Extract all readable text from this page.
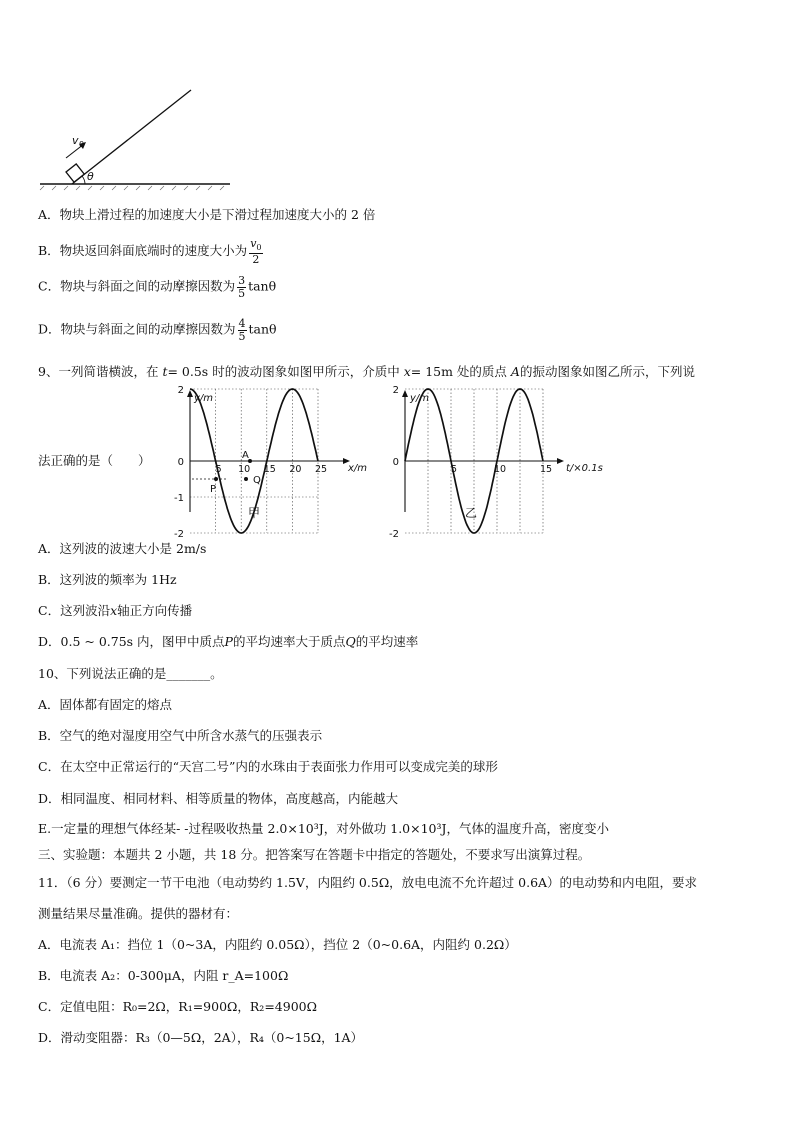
v 0
θ
A．物块上滑过程的加速度大小是下滑过程加速度大小的 2 倍
B．物块返回斜面底端时的速度大小为 $\frac{v_0}{2}$
C．物块与斜面之间的动摩擦因数为 $\frac{3}{5}$ tanθ
D．物块与斜面之间的动摩擦因数为 $\frac{4}{5}$ tanθ
9、一列简谐横波，在 t= 0.5s 时的波动图象如图甲所示，介质中 x= 15m 处的质点 A的振动图象如图乙所示，下列说
法正确的是（　　）
y/m
x/m
2
0
-1
-2
5 10 15 20 25
A
Q
P
甲
y/m
t/×0.1s
2
0
-2
5	10	15
乙
A．这列波的波速大小是 2m/s
B．这列波的频率为 1Hz
C．这列波沿x轴正方向传播
D．0.5 ~ 0.75s 内，图甲中质点P的平均速率大于质点Q的平均速率
10、下列说法正确的是_______。
A．固体都有固定的熔点
B．空气的绝对湿度用空气中所含水蒸气的压强表示
C．在太空中正常运行的“天宫二号”内的水珠由于表面张力作用可以变成完美的球形
D．相同温度、相同材料、相等质量的物体，高度越高，内能越大
E.一定量的理想气体经某- -过程吸收热量 2.0×10³J，对外做功 1.0×10³J，气体的温度升高，密度变小
三、实验题：本题共 2 小题，共 18 分。把答案写在答题卡中指定的答题处，不要求写出演算过程。
11．（6 分）要测定一节干电池（电动势约 1.5V，内阻约 0.5Ω，放电电流不允许超过 0.6A）的电动势和内电阻，要求
测量结果尽量准确。提供的器材有：
A．电流表 A₁：挡位 1（0~3A，内阻约 0.05Ω），挡位 2（0~0.6A，内阻约 0.2Ω）
B．电流表 A₂：0-300μA，内阻 r_A=100Ω
C．定值电阻：R₀=2Ω，R₁=900Ω，R₂=4900Ω
D．滑动变阻器：R₃（0—5Ω，2A），R₄（0~15Ω，1A）
